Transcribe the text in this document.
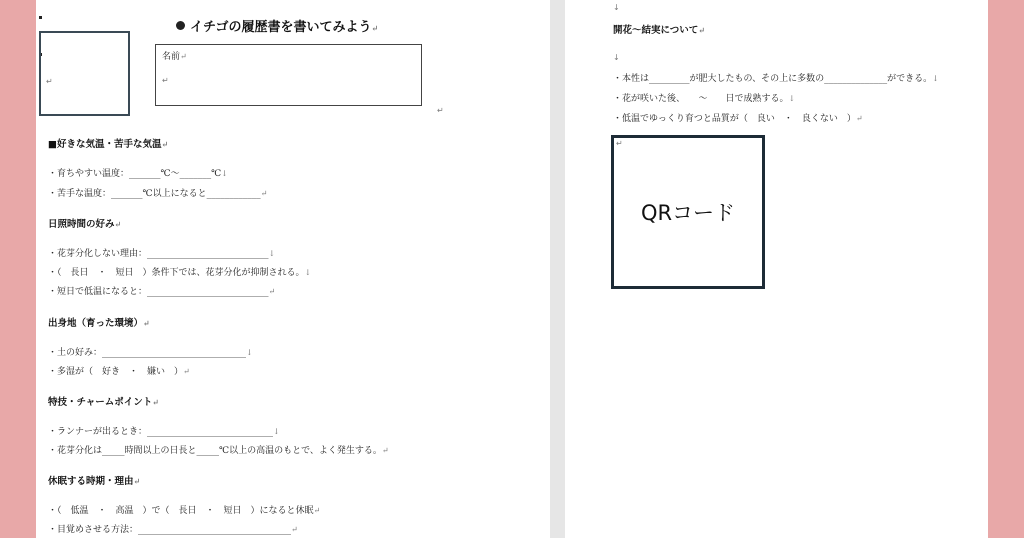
↵
イチゴの履歴書を書いてみよう↵
名前↵
↵
↵
■好きな気温・苦手な気温↵
・育ちやすい温度：_______℃～_______℃↓
・苦手な温度：_______℃以上になると____________↵
日照時間の好み↵
・花芽分化しない理由：___________________________↓
・（　長日　・　短日　）条件下では、花芽分化が抑制される。↓
・短日で低温になると：___________________________↵
出身地（育った環境）↵
・土の好み：________________________________↓
・多湿が（　好き　・　嫌い　）↵
特技・チャームポイント↵
・ランナーが出るとき：____________________________↓
・花芽分化は_____時間以上の日長と_____℃以上の高温のもとで、よく発生する。↵
休眠する時期・理由↵
・（　低温　・　高温　）で（　長日　・　短日　）になると休眠↵
・目覚めさせる方法：__________________________________↵
↓
開花～結実について↵
↓
・本性は_________が肥大したもの、その上に多数の______________ができる。↓
・花が咲いた後、　　～　　日で成熟する。↓
・低温でゆっくり育つと品質が（　良い　・　良くない　）↵
↵
QRコード
